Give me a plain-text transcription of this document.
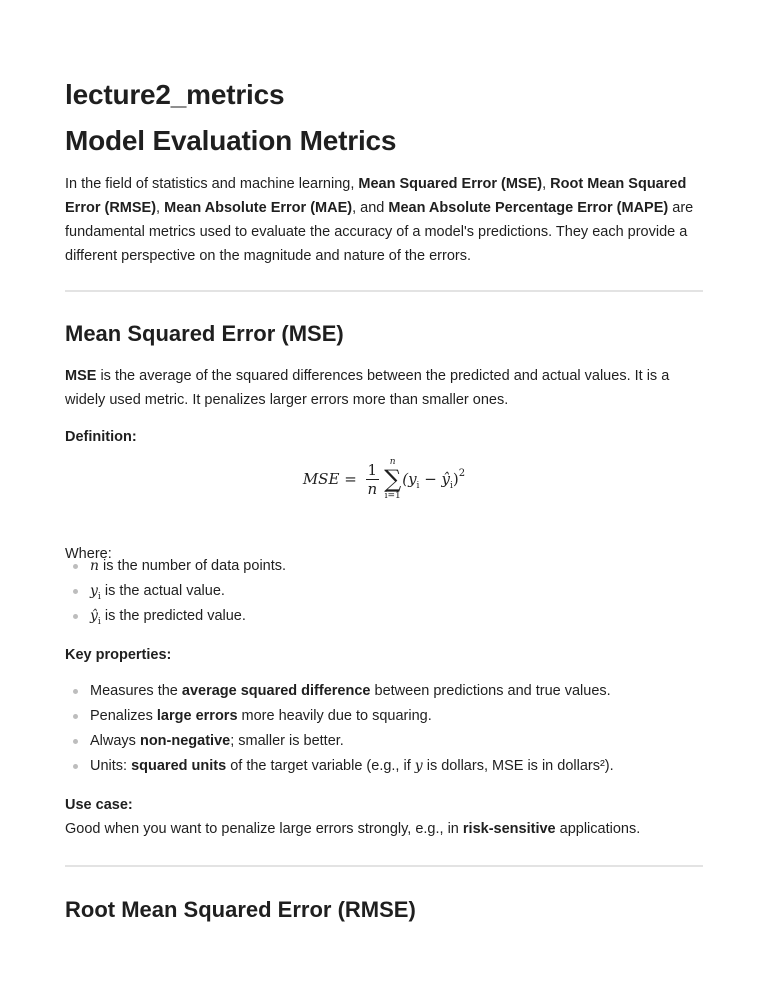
lecture2_metrics
Model Evaluation Metrics

In the field of statistics and machine learning, Mean Squared Error (MSE), Root Mean Squared Error (RMSE), Mean Absolute Error (MAE), and Mean Absolute Percentage Error (MAPE) are fundamental metrics used to evaluate the accuracy of a model's predictions. They each provide a different perspective on the magnitude and nature of the errors.

Mean Squared Error (MSE)

MSE is the average of the squared differences between the predicted and actual values. It is a widely used metric. It penalizes larger errors more than smaller ones.

Definition:

MSE = $\frac{1}{n}$ n
∑
i=1
($y_i$ − $ŷ_i)^2$

Where:

n is the number of data points.
$y_i$ is the actual value.
$ŷ_i$ is the predicted value.

Key properties:

Measures the average squared difference between predictions and true values.
Penalizes large errors more heavily due to squaring.
Always non-negative; smaller is better.
Units: squared units of the target variable (e.g., if y is dollars, MSE is in dollars²).

Use case:
Good when you want to penalize large errors strongly, e.g., in risk-sensitive applications.

Root Mean Squared Error (RMSE)
